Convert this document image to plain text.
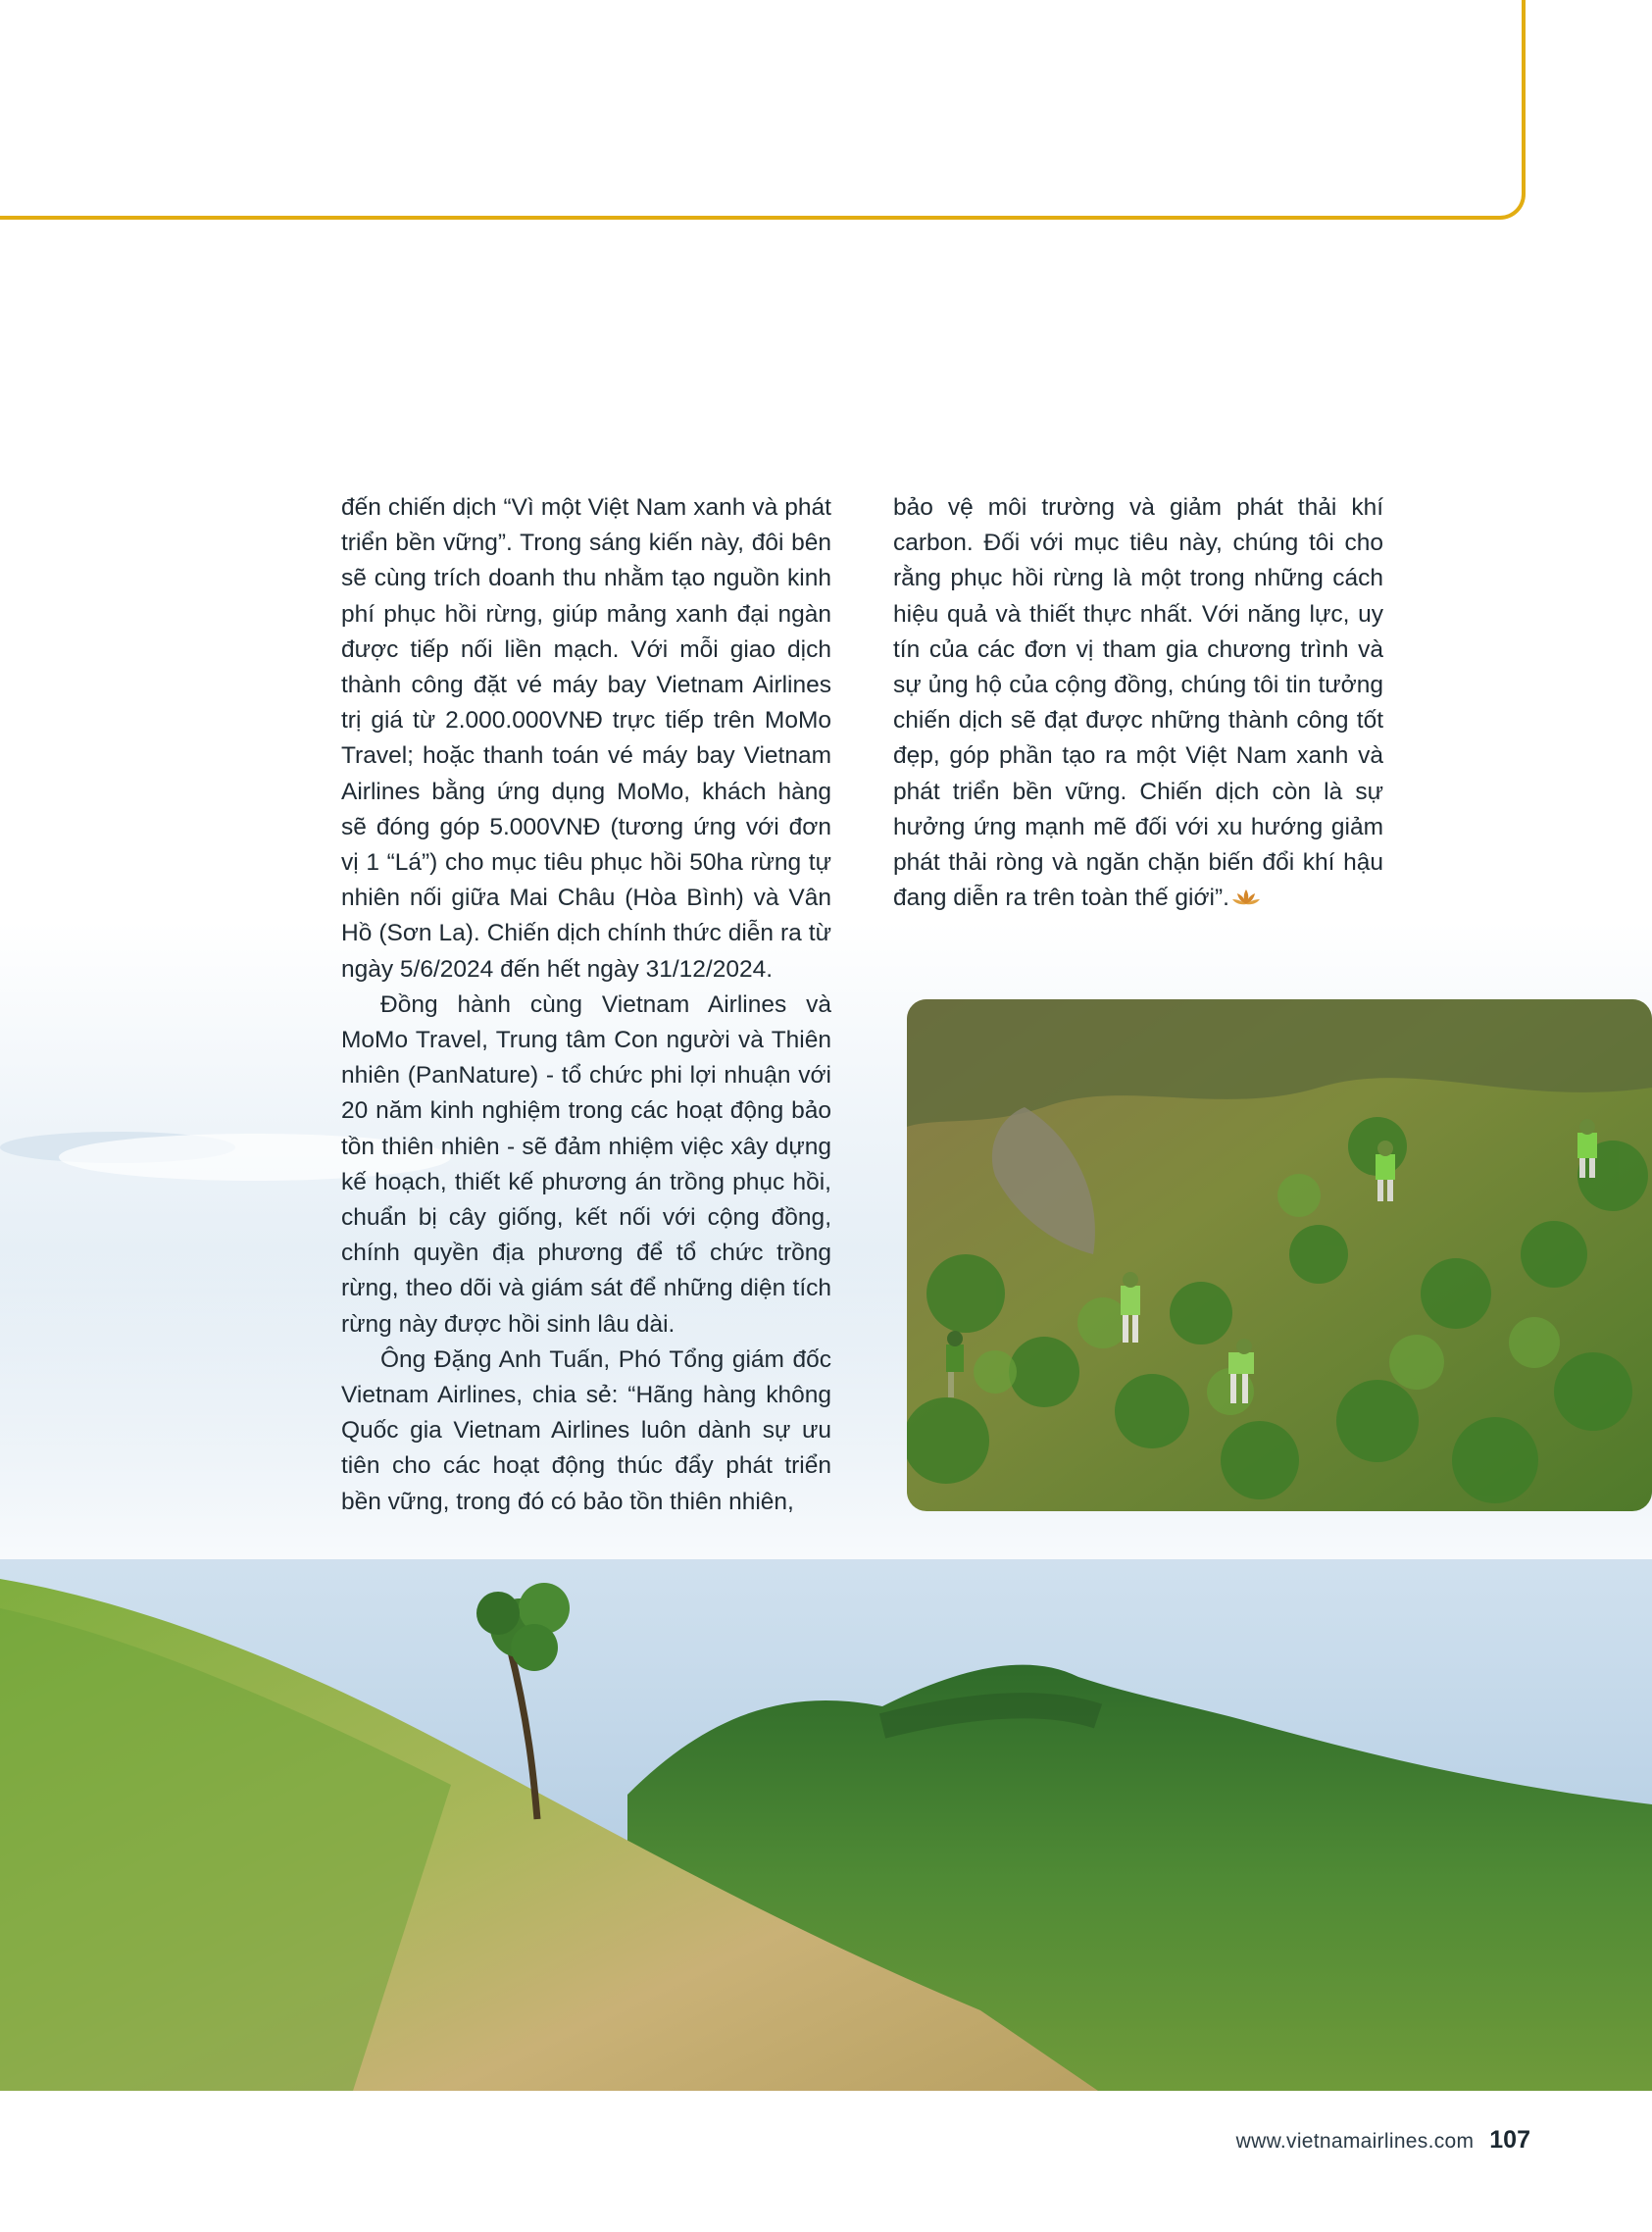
đến chiến dịch “Vì một Việt Nam xanh và phát triển bền vững”. Trong sáng kiến này, đôi bên sẽ cùng trích doanh thu nhằm tạo nguồn kinh phí phục hồi rừng, giúp mảng xanh đại ngàn được tiếp nối liền mạch. Với mỗi giao dịch thành công đặt vé máy bay Vietnam Airlines trị giá từ 2.000.000VNĐ trực tiếp trên MoMo Travel; hoặc thanh toán vé máy bay Vietnam Airlines bằng ứng dụng MoMo, khách hàng sẽ đóng góp 5.000VNĐ (tương ứng với đơn vị 1 “Lá”) cho mục tiêu phục hồi 50ha rừng tự nhiên nối giữa Mai Châu (Hòa Bình) và Vân Hồ (Sơn La). Chiến dịch chính thức diễn ra từ ngày 5/6/2024 đến hết ngày 31/12/2024.

Đồng hành cùng Vietnam Airlines và MoMo Travel, Trung tâm Con người và Thiên nhiên (PanNature) - tổ chức phi lợi nhuận với 20 năm kinh nghiệm trong các hoạt động bảo tồn thiên nhiên - sẽ đảm nhiệm việc xây dựng kế hoạch, thiết kế phương án trồng phục hồi, chuẩn bị cây giống, kết nối với cộng đồng, chính quyền địa phương để tổ chức trồng rừng, theo dõi và giám sát để những diện tích rừng này được hồi sinh lâu dài.

Ông Đặng Anh Tuấn, Phó Tổng giám đốc Vietnam Airlines, chia sẻ: “Hãng hàng không Quốc gia Vietnam Airlines luôn dành sự ưu tiên cho các hoạt động thúc đẩy phát triển bền vững, trong đó có bảo tồn thiên nhiên,

bảo vệ môi trường và giảm phát thải khí carbon. Đối với mục tiêu này, chúng tôi cho rằng phục hồi rừng là một trong những cách hiệu quả và thiết thực nhất. Với năng lực, uy tín của các đơn vị tham gia chương trình và sự ủng hộ của cộng đồng, chúng tôi tin tưởng chiến dịch sẽ đạt được những thành công tốt đẹp, góp phần tạo ra một Việt Nam xanh và phát triển bền vững. Chiến dịch còn là sự hưởng ứng mạnh mẽ đối với xu hướng giảm phát thải ròng và ngăn chặn biến đổi khí hậu đang diễn ra trên toàn thế giới”.

www.vietnamairlines.com 107
